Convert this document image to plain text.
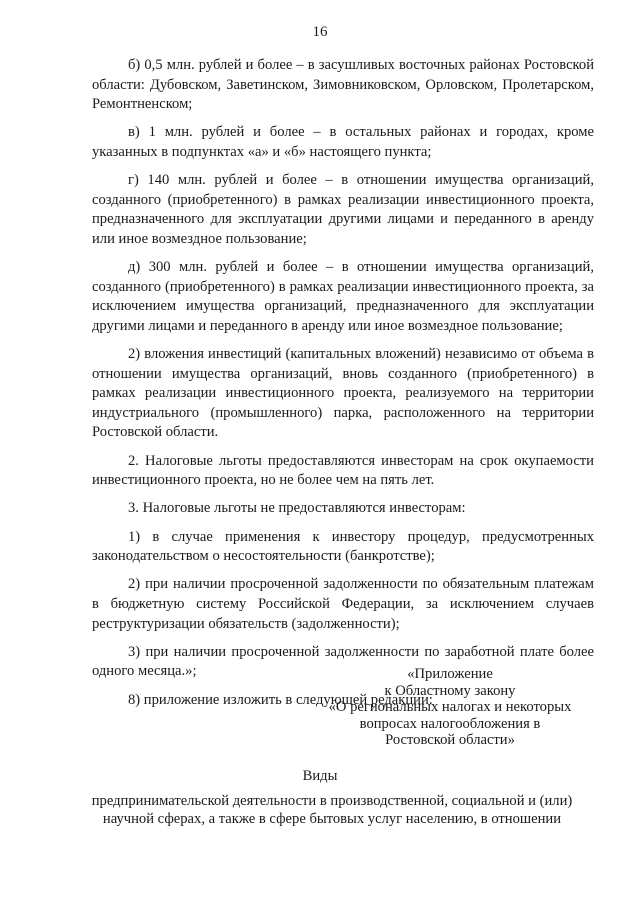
16

б) 0,5 млн. рублей и более – в засушливых восточных районах Ростовской области: Дубовском, Заветинском, Зимовниковском, Орловском, Пролетарском, Ремонтненском;

в) 1 млн. рублей и более – в остальных районах и городах, кроме указанных в подпунктах «а» и «б» настоящего пункта;

г) 140 млн. рублей и более – в отношении имущества организаций, созданного (приобретенного) в рамках реализации инвестиционного проекта, предназначенного для эксплуатации другими лицами и переданного в аренду или иное возмездное пользование;

д) 300 млн. рублей и более – в отношении имущества организаций, созданного (приобретенного) в рамках реализации инвестиционного проекта, за исключением имущества организаций, предназначенного для эксплуатации другими лицами и переданного в аренду или иное возмездное пользование;

2) вложения инвестиций (капитальных вложений) независимо от объема в отношении имущества организаций, вновь созданного (приобретенного) в рамках реализации инвестиционного проекта, реализуемого на территории индустриального (промышленного) парка, расположенного на территории Ростовской области.

2. Налоговые льготы предоставляются инвесторам на срок окупаемости инвестиционного проекта, но не более чем на пять лет.

3. Налоговые льготы не предоставляются инвесторам:

1) в случае применения к инвестору процедур, предусмотренных законодательством о несостоятельности (банкротстве);

2) при наличии просроченной задолженности по обязательным платежам в бюджетную систему Российской Федерации, за исключением случаев реструктуризации обязательств (задолженности);

3) при наличии просроченной задолженности по заработной плате более одного месяца.»;

8) приложение изложить в следующей редакции:

«Приложение
к Областному закону
«О региональных налогах и некоторых
вопросах налогообложения в
Ростовской области»
Виды
предпринимательской деятельности в производственной, социальной и (или)
научной сферах, а также в сфере бытовых услуг населению, в отношении
